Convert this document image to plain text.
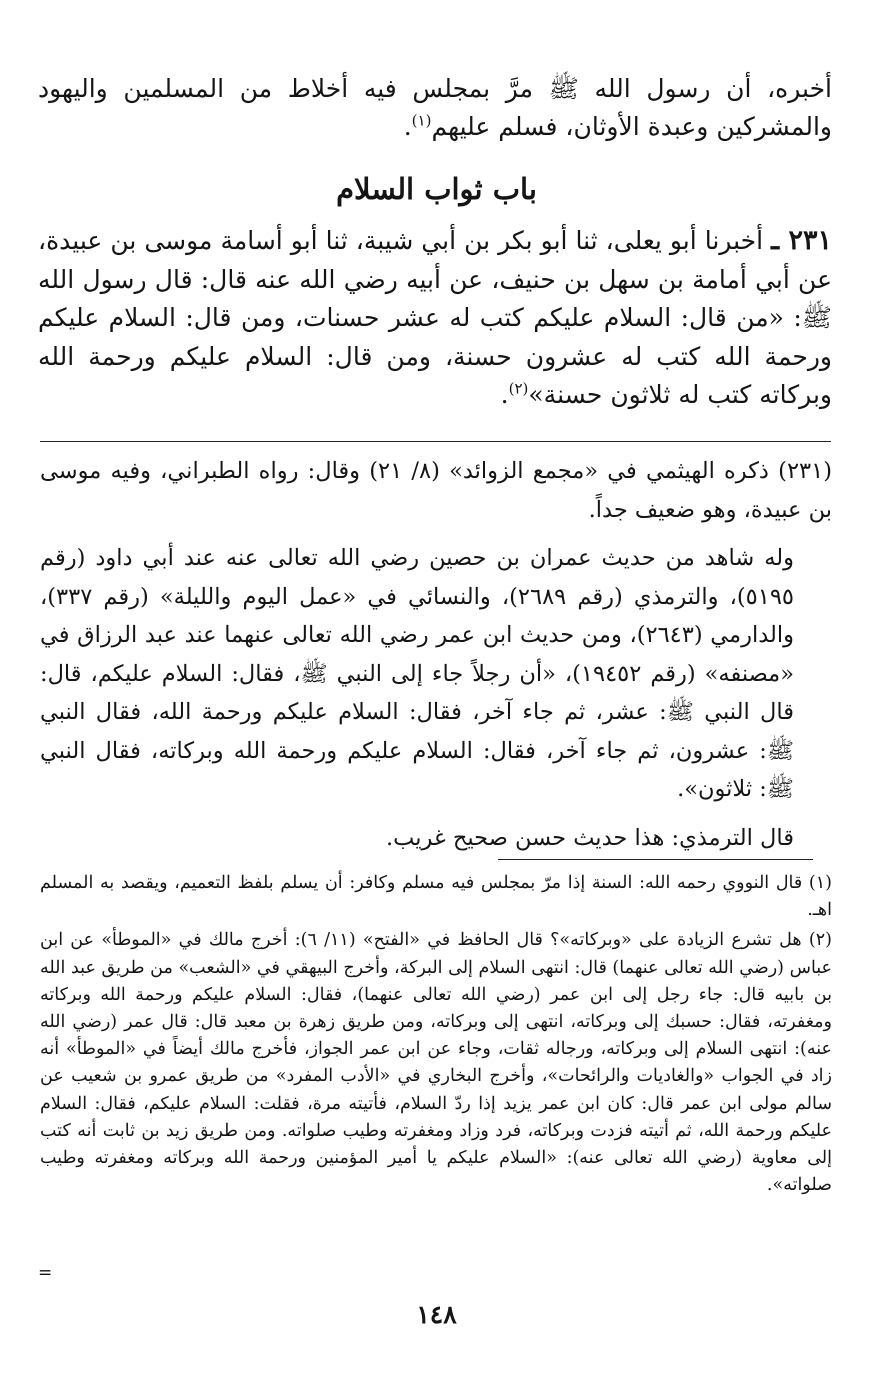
أخبره، أن رسول الله ﷺ مرَّ بمجلس فيه أخلاط من المسلمين واليهود والمشركين وعبدة الأوثان، فسلم عليهم$^{(١)}$.

باب ثواب السلام

٢٣١ ـ أخبرنا أبو يعلى، ثنا أبو بكر بن أبي شيبة، ثنا أبو أسامة موسى بن عبيدة، عن أبي أمامة بن سهل بن حنيف، عن أبيه رضي الله عنه قال: قال رسول الله ﷺ: «من قال: السلام عليكم كتب له عشر حسنات، ومن قال: السلام عليكم ورحمة الله كتب له عشرون حسنة، ومن قال: السلام عليكم ورحمة الله وبركاته كتب له ثلاثون حسنة»$^{(٢)}$.

(٢٣١) ذكره الهيثمي في «مجمع الزوائد» (٨/ ٢١) وقال: رواه الطبراني، وفيه موسى بن عبيدة، وهو ضعيف جداً.

وله شاهد من حديث عمران بن حصين رضي الله تعالى عنه عند أبي داود (رقم ٥١٩٥)، والترمذي (رقم ٢٦٨٩)، والنسائي في «عمل اليوم والليلة» (رقم ٣٣٧)، والدارمي (٢٦٤٣)، ومن حديث ابن عمر رضي الله تعالى عنهما عند عبد الرزاق في «مصنفه» (رقم ١٩٤٥٢)، «أن رجلاً جاء إلى النبي ﷺ، فقال: السلام عليكم، قال: قال النبي ﷺ: عشر، ثم جاء آخر، فقال: السلام عليكم ورحمة الله، فقال النبي ﷺ: عشرون، ثم جاء آخر، فقال: السلام عليكم ورحمة الله وبركاته، فقال النبي ﷺ: ثلاثون».

قال الترمذي: هذا حديث حسن صحيح غريب.

(١) قال النووي رحمه الله: السنة إذا مرّ بمجلس فيه مسلم وكافر: أن يسلم بلفظ التعميم، ويقصد به المسلم اهـ.

(٢) هل تشرع الزيادة على «وبركاته»؟ قال الحافظ في «الفتح» (١١/ ٦): أخرج مالك في «الموطأ» عن ابن عباس (رضي الله تعالى عنهما) قال: انتهى السلام إلى البركة، وأخرج البيهقي في «الشعب» من طريق عبد الله بن بابيه قال: جاء رجل إلى ابن عمر (رضي الله تعالى عنهما)، فقال: السلام عليكم ورحمة الله وبركاته ومغفرته، فقال: حسبك إلى وبركاته، انتهى إلى وبركاته، ومن طريق زهرة بن معبد قال: قال عمر (رضي الله عنه): انتهى السلام إلى وبركاته، ورجاله ثقات، وجاء عن ابن عمر الجواز، فأخرج مالك أيضاً في «الموطأ» أنه زاد في الجواب «والغاديات والرائحات»، وأخرج البخاري في «الأدب المفرد» من طريق عمرو بن شعيب عن سالم مولى ابن عمر قال: كان ابن عمر يزيد إذا ردّ السلام، فأتيته مرة، فقلت: السلام عليكم، فقال: السلام عليكم ورحمة الله، ثم أتيته فزدت وبركاته، فرد وزاد ومغفرته وطيب صلواته. ومن طريق زيد بن ثابت أنه كتب إلى معاوية (رضي الله تعالى عنه): «السلام عليكم يا أمير المؤمنين ورحمة الله وبركاته ومغفرته وطيب صلواته».

=
١٤٨
